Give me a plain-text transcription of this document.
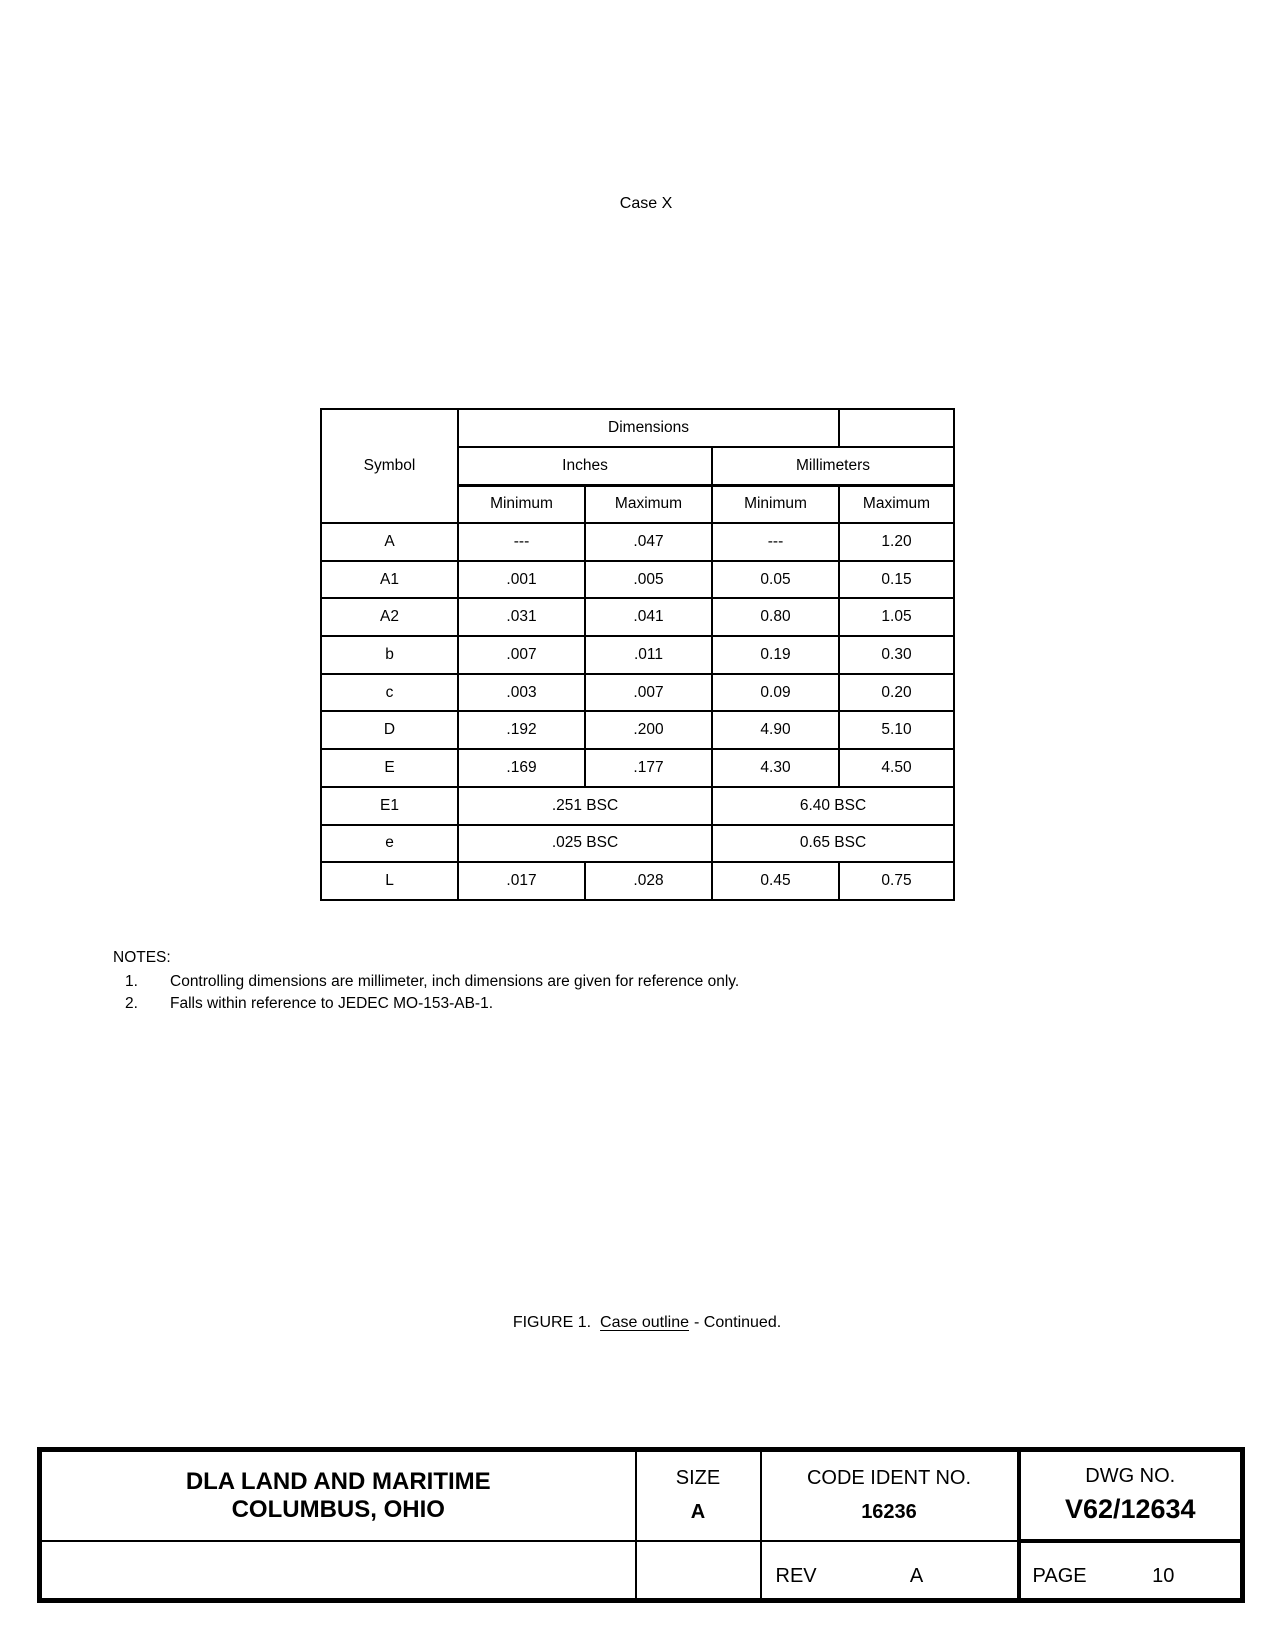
Case X
Symbol	Dimensions			
	Inches		Millimeters	
	Minimum	Maximum	Minimum	Maximum
A	---	.047	---	1.20
A1	.001	.005	0.05	0.15
A2	.031	.041	0.80	1.05
b	.007	.011	0.19	0.30
c	.003	.007	0.09	0.20
D	.192	.200	4.90	5.10
E	.169	.177	4.30	4.50
E1	.251 BSC		6.40 BSC	
e	.025 BSC		0.65 BSC	
L	.017	.028	0.45	0.75
NOTES:
1.	Controlling dimensions are millimeter, inch dimensions are given for reference only.
2.	Falls within reference to JEDEC MO-153-AB-1.
FIGURE 1. Case outline - Continued.
DLA LAND AND MARITIME
COLUMBUS, OHIO

SIZE
A

CODE IDENT NO.
16236

DWG NO.
V62/12634

		REV A	PAGE 10
